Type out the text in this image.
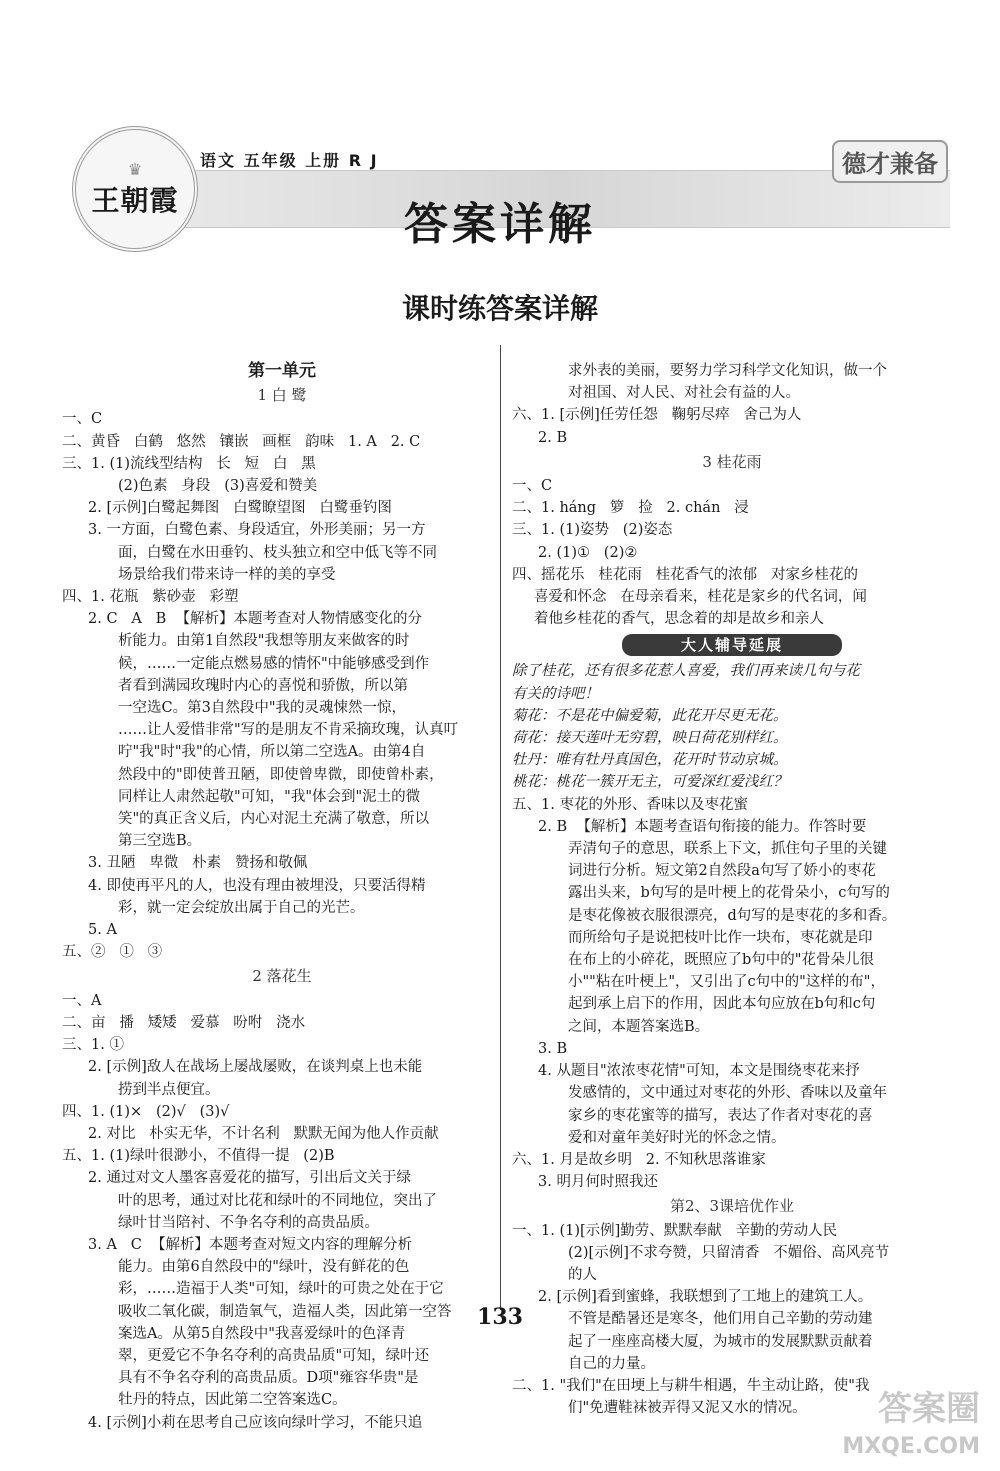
♛
王朝霞
语文 五年级 上册 R J	德才兼备
答案详解
课时练答案详解
第一单元
1 白 鹭
一、C
二、黄昏   白鹤   悠然   镶嵌   画框   韵味   1. A   2. C
三、1. (1)流线型结构   长   短   白   黑
(2)色素   身段   (3)喜爱和赞美
2. [示例]白鹭起舞图   白鹭瞭望图   白鹭垂钓图
3. 一方面，白鹭色素、身段适宜，外形美丽；另一方
面，白鹭在水田垂钓、枝头独立和空中低飞等不同
场景给我们带来诗一样的美的享受
四、1. 花瓶   紫砂壶   彩塑
2. C   A   B  【解析】本题考查对人物情感变化的分
析能力。由第1自然段"我想等朋友来做客的时
候，……一定能点燃易感的情怀"中能够感受到作
者看到满园玫瑰时内心的喜悦和骄傲，所以第
一空选C。第3自然段中"我的灵魂悚然一惊，
……让人爱惜非常"写的是朋友不肯采摘玫瑰，认真叮
咛"我"时"我"的心情，所以第二空选A。由第4自
然段中的"即使普丑陋，即使曾卑微，即使曾朴素，
同样让人肃然起敬"可知，"我"体会到"泥土的微
笑"的真正含义后，内心对泥土充满了敬意，所以
第三空选B。
3. 丑陋   卑微   朴素   赞扬和敬佩
4. 即使再平凡的人，也没有理由被埋没，只要活得精
彩，就一定会绽放出属于自己的光芒。
5. A
五、②   ①   ③
2 落花生
一、A
二、亩   播   矮矮   爱慕   吩咐   浇水
三、1. ①
2. [示例]敌人在战场上屡战屡败，在谈判桌上也未能
捞到半点便宜。
四、1. (1)×   (2)√   (3)√
2. 对比   朴实无华，不计名利   默默无闻为他人作贡献
五、1. (1)绿叶很渺小，不值得一提   (2)B
2. 通过对文人墨客喜爱花的描写，引出后文关于绿
叶的思考，通过对比花和绿叶的不同地位，突出了
绿叶甘当陪衬、不争名夺利的高贵品质。
3. A   C  【解析】本题考查对短文内容的理解分析
能力。由第6自然段中的"绿叶，没有鲜花的色
彩，……造福于人类"可知，绿叶的可贵之处在于它
吸收二氧化碳，制造氧气，造福人类，因此第一空答
案选A。从第5自然段中"我喜爱绿叶的色泽青
翠，更爱它不争名夺利的高贵品质"可知，绿叶还
具有不争名夺利的高贵品质。D项"雍容华贵"是
牡丹的特点，因此第二空答案选C。
4. [示例]小莉在思考自己应该向绿叶学习，不能只追
求外表的美丽，要努力学习科学文化知识，做一个
对祖国、对人民、对社会有益的人。
六、1. [示例]任劳任怨   鞠躬尽瘁   舍己为人
2. B
3 桂花雨
一、C
二、1. háng   箩   捡   2. chán   浸
三、1. (1)姿势   (2)姿态
2. (1)①   (2)②
四、摇花乐   桂花雨   桂花香气的浓郁   对家乡桂花的
喜爱和怀念   在母亲看来，桂花是家乡的代名词，闻
着他乡桂花的香气，思念着的却是故乡和亲人
大人辅导延展
除了桂花，还有很多花惹人喜爱，我们再来读几句与花
有关的诗吧！
菊花：不是花中偏爱菊，此花开尽更无花。
荷花：接天莲叶无穷碧，映日荷花别样红。
牡丹：唯有牡丹真国色，花开时节动京城。
桃花：桃花一簇开无主，可爱深红爱浅红？
五、1. 枣花的外形、香味以及枣花蜜
2. B  【解析】本题考查语句衔接的能力。作答时要
弄清句子的意思，联系上下文，抓住句子里的关键
词进行分析。短文第2自然段a句写了娇小的枣花
露出头来，b句写的是叶梗上的花骨朵小，c句写的
是枣花像被衣服很漂亮，d句写的是枣花的多和香。
而所给句子是说把枝叶比作一块布，枣花就是印
在布上的小碎花，既照应了b句中的"花骨朵儿很
小""粘在叶梗上"，又引出了c句中的"这样的布"，
起到承上启下的作用，因此本句应放在b句和c句
之间，本题答案选B。
3. B
4. 从题目"浓浓枣花情"可知，本文是围绕枣花来抒
发感情的，文中通过对枣花的外形、香味以及童年
家乡的枣花蜜等的描写，表达了作者对枣花的喜
爱和对童年美好时光的怀念之情。
六、1. 月是故乡明   2. 不知秋思落谁家
3. 明月何时照我还
第2、3课培优作业
一、1. (1)[示例]勤劳、默默奉献   辛勤的劳动人民
(2)[示例]不求夸赞，只留清香   不媚俗、高风亮节
的人
2. [示例]看到蜜蜂，我联想到了工地上的建筑工人。
不管是酷暑还是寒冬，他们用自己辛勤的劳动建
起了一座座高楼大厦，为城市的发展默默贡献着
自己的力量。
二、1. "我们"在田埂上与耕牛相遇，牛主动让路，使"我
们"免遭鞋袜被弄得又泥又水的情况。
133
答案圈
MXQE.COM
